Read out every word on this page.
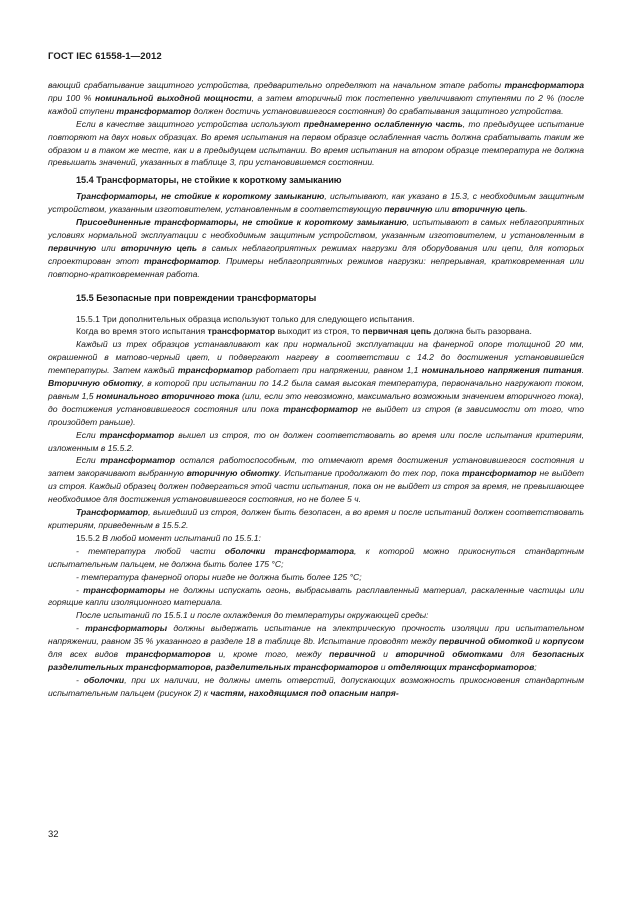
ГОСТ IEC 61558-1—2012

вающий срабатывание защитного устройства, предварительно определяют на начальном этапе работы трансформатора при 100 % номинальной выходной мощности, а затем вторичный ток постепенно увеличивают ступенями по 2 % (после каждой ступени трансформатор должен достичь установившегося состояния) до срабатывания защитного устройства.

Если в качестве защитного устройства используют преднамеренно ослабленную часть, то предыдущее испытание повторяют на двух новых образцах. Во время испытания на первом образце ослабленная часть должна срабатывать таким же образом и в таком же месте, как и в предыдущем испытании. Во время испытания на втором образце температура не должна превышать значений, указанных в таблице 3, при установившемся состоянии.

15.4 Трансформаторы, не стойкие к короткому замыканию

Трансформаторы, не стойкие к короткому замыканию, испытывают, как указано в 15.3, с необходимым защитным устройством, указанным изготовителем, установленным в соответствующую первичную или вторичную цепь.

Присоединенные трансформаторы, не стойкие к короткому замыканию, испытывают в самых неблагоприятных условиях нормальной эксплуатации с необходимым защитным устройством, указанным изготовителем, и установленным в первичную или вторичную цепь в самых неблагоприятных режимах нагрузки для оборудования или цепи, для которых спроектирован этот трансформатор. Примеры неблагоприятных режимов нагрузки: непрерывная, кратковременная или повторно-кратковременная работа.

15.5 Безопасные при повреждении трансформаторы

15.5.1 Три дополнительных образца используют только для следующего испытания.

Когда во время этого испытания трансформатор выходит из строя, то первичная цепь должна быть разорвана.

Каждый из трех образцов устанавливают как при нормальной эксплуатации на фанерной опоре толщиной 20 мм, окрашенной в матово-черный цвет, и подвергают нагреву в соответствии с 14.2 до достижения установившейся температуры. Затем каждый трансформатор работает при напряжении, равном 1,1 номинального напряжения питания. Вторичную обмотку, в которой при испытании по 14.2 была самая высокая температура, первоначально нагружают током, равным 1,5 номинального вторичного тока (или, если это невозможно, максимально возможным значением вторичного тока), до достижения установившегося состояния или пока трансформатор не выйдет из строя (в зависимости от того, что произойдет раньше).

Если трансформатор вышел из строя, то он должен соответствовать во время или после испытания критериям, изложенным в 15.5.2.

Если трансформатор остался работоспособным, то отмечают время достижения установившегося состояния и затем закорачивают выбранную вторичную обмотку. Испытание продолжают до тех пор, пока трансформатор не выйдет из строя. Каждый образец должен подвергаться этой части испытания, пока он не выйдет из строя за время, не превышающее необходимое для достижения установившегося состояния, но не более 5 ч.

Трансформатор, вышедший из строя, должен быть безопасен, а во время и после испытаний должен соответствовать критериям, приведенным в 15.5.2.

15.5.2 В любой момент испытаний по 15.5.1:

- температура любой части оболочки трансформатора, к которой можно прикоснуться стандартным испытательным пальцем, не должна быть более 175 °C;

- температура фанерной опоры нигде не должна быть более 125 °C;

- трансформаторы не должны испускать огонь, выбрасывать расплавленный материал, раскаленные частицы или горящие капли изоляционного материала.

После испытаний по 15.5.1 и после охлаждения до температуры окружающей среды:

- трансформаторы должны выдержать испытание на электрическую прочность изоляции при испытательном напряжении, равном 35 % указанного в разделе 18 в таблице 8b. Испытание проводят между первичной обмоткой и корпусом для всех видов трансформаторов и, кроме того, между первичной и вторичной обмотками для безопасных разделительных трансформаторов, разделительных трансформаторов и отделяющих трансформаторов;

- оболочки, при их наличии, не должны иметь отверстий, допускающих возможность прикосновения стандартным испытательным пальцем (рисунок 2) к частям, находящимся под опасным напря-

32
